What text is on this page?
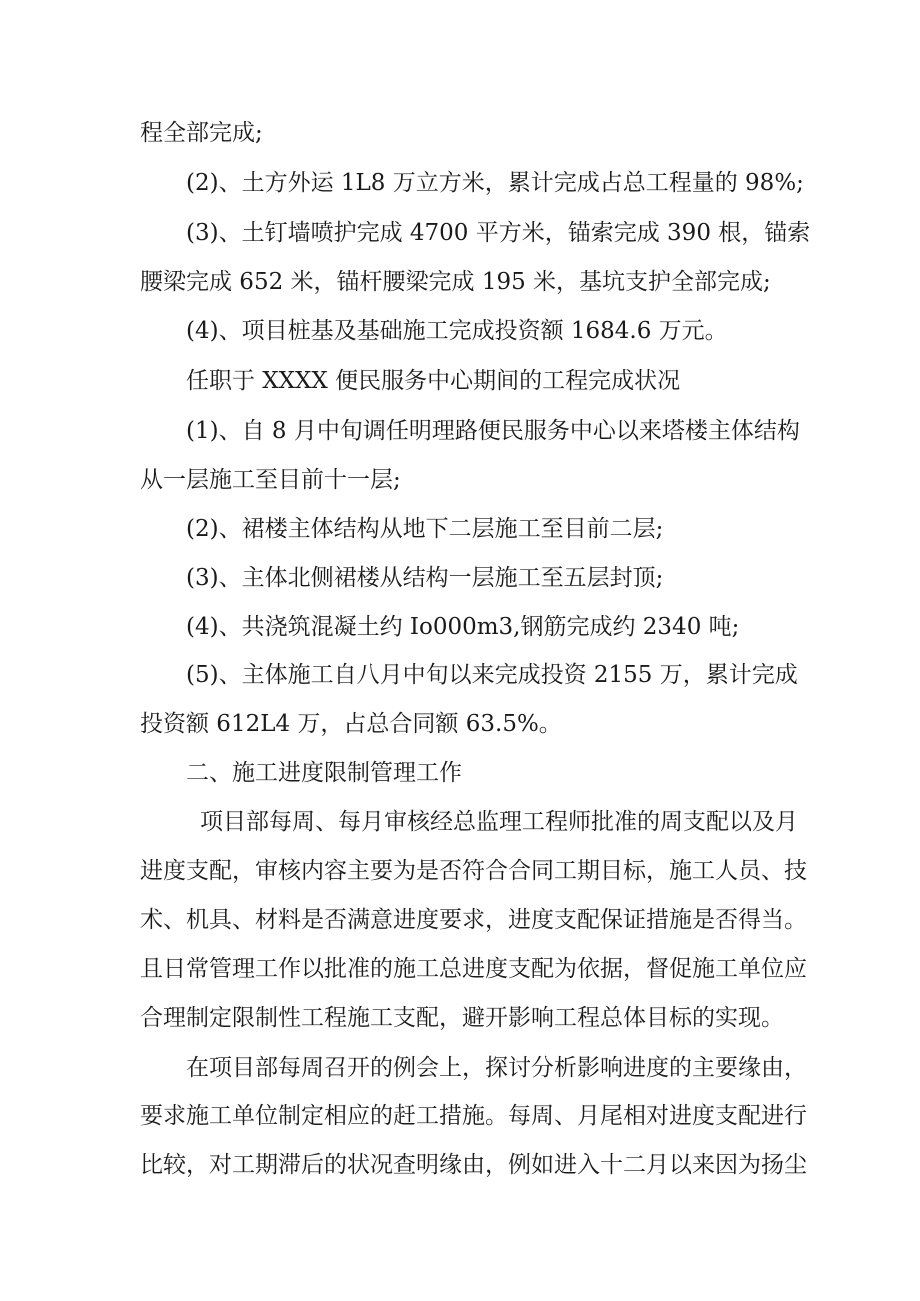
程全部完成;
(2)、土方外运 1L8 万立方米，累计完成占总工程量的 98%;
(3)、土钉墙喷护完成 4700 平方米，锚索完成 390 根，锚索
腰梁完成 652 米，锚杆腰梁完成 195 米，基坑支护全部完成;
(4)、项目桩基及基础施工完成投资额 1684.6 万元。
任职于 XXXX 便民服务中心期间的工程完成状况
(1)、自 8 月中旬调任明理路便民服务中心以来塔楼主体结构
从一层施工至目前十一层;
(2)、裙楼主体结构从地下二层施工至目前二层;
(3)、主体北侧裙楼从结构一层施工至五层封顶;
(4)、共浇筑混凝土约 Io000m3,钢筋完成约 2340 吨;
(5)、主体施工自八月中旬以来完成投资 2155 万，累计完成
投资额 612L4 万，占总合同额 63.5%。
二、施工进度限制管理工作
项目部每周、每月审核经总监理工程师批准的周支配以及月
进度支配，审核内容主要为是否符合合同工期目标，施工人员、技
术、机具、材料是否满意进度要求，进度支配保证措施是否得当。
且日常管理工作以批准的施工总进度支配为依据，督促施工单位应
合理制定限制性工程施工支配，避开影响工程总体目标的实现。
在项目部每周召开的例会上，探讨分析影响进度的主要缘由，
要求施工单位制定相应的赶工措施。每周、月尾相对进度支配进行
比较，对工期滞后的状况查明缘由，例如进入十二月以来因为扬尘
